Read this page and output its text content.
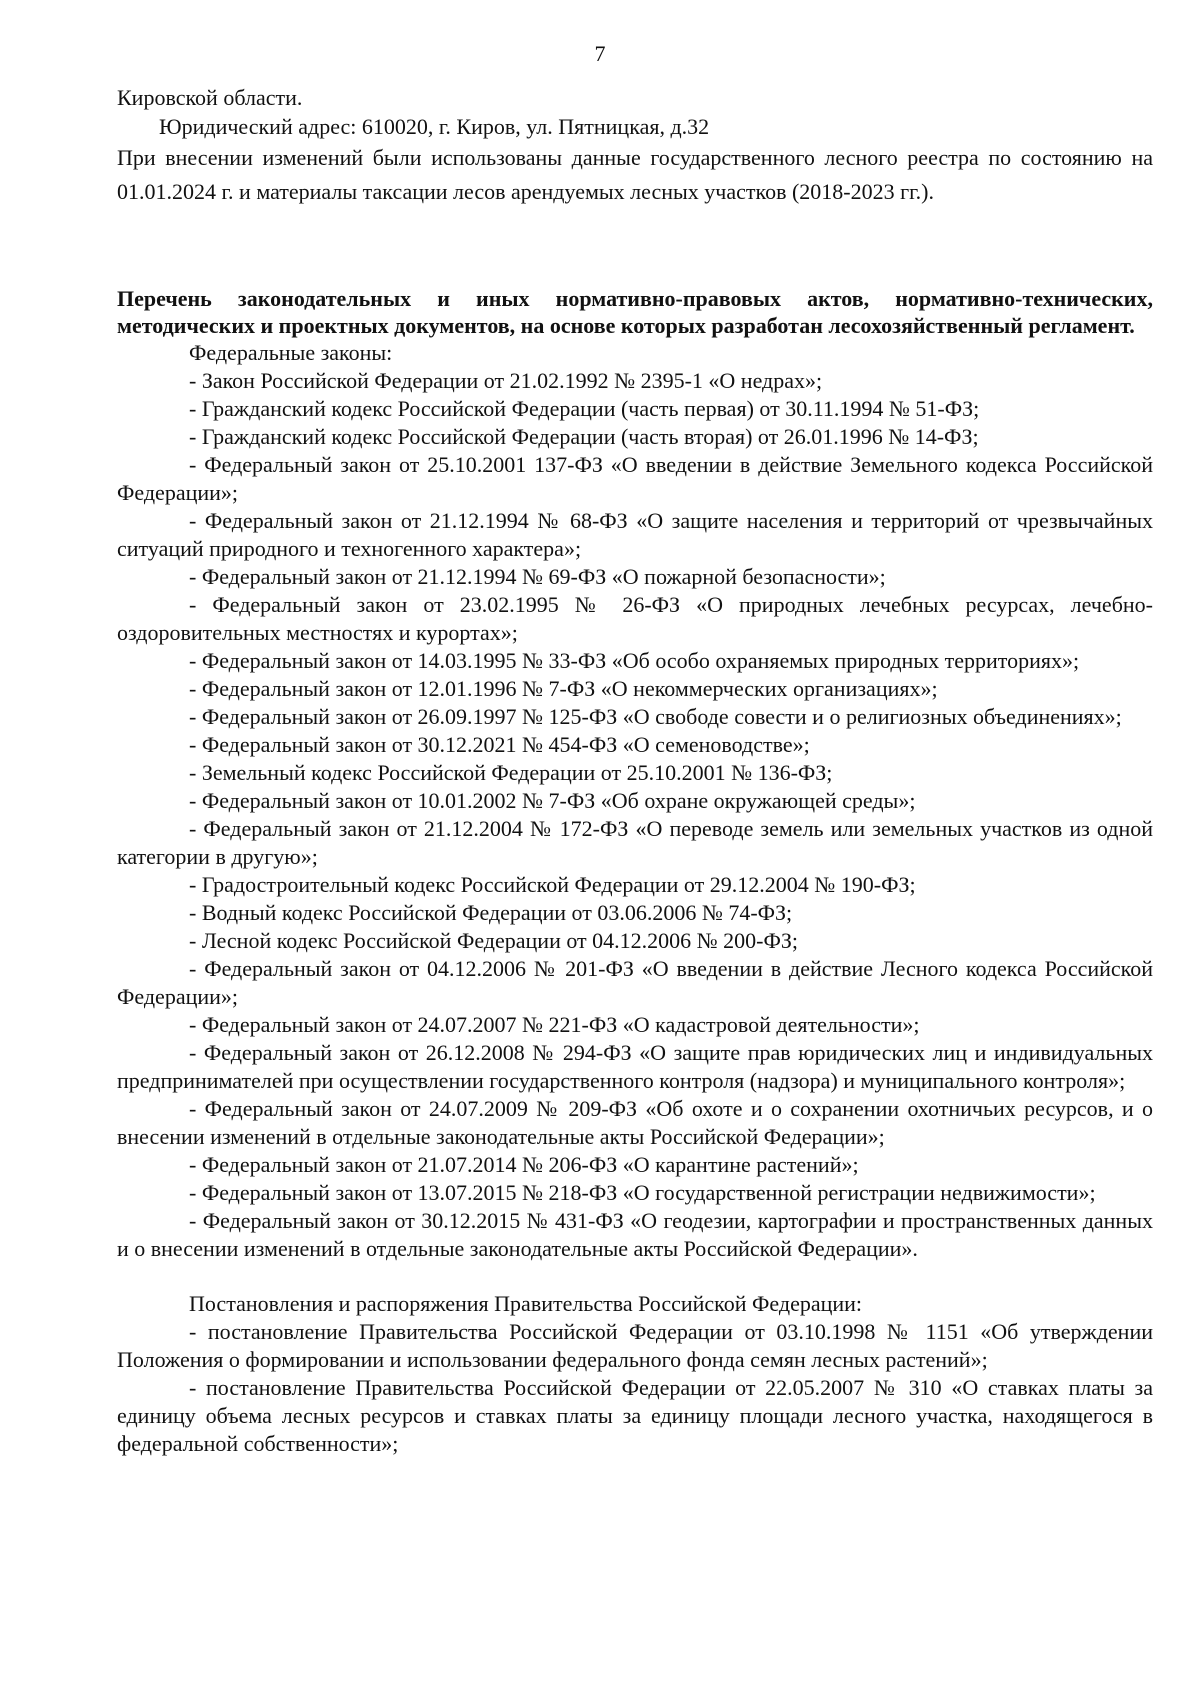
7

Кировской области.

Юридический адрес: 610020, г. Киров, ул. Пятницкая, д.32

При внесении изменений были использованы данные государственного лесного реестра по состоянию на 01.01.2024 г. и материалы таксации лесов арендуемых лесных участков (2018-2023 гг.).

Перечень законодательных и иных нормативно-правовых актов, нормативно-технических, методических и проектных документов, на основе которых разработан лесохозяйственный регламент.

Федеральные законы:

- Закон Российской Федерации от 21.02.1992 № 2395-1 «О недрах»;

- Гражданский кодекс Российской Федерации (часть первая) от 30.11.1994 № 51-ФЗ;

- Гражданский кодекс Российской Федерации (часть вторая) от 26.01.1996 № 14-ФЗ;

- Федеральный закон от 25.10.2001 137-ФЗ «О введении в действие Земельного кодекса Российской Федерации»;

- Федеральный закон от 21.12.1994 № 68-ФЗ «О защите населения и территорий от чрезвычайных ситуаций природного и техногенного характера»;

- Федеральный закон от 21.12.1994 № 69-ФЗ «О пожарной безопасности»;

- Федеральный закон от 23.02.1995 № 26-ФЗ «О природных лечебных ресурсах, лечебно-оздоровительных местностях и курортах»;

- Федеральный закон от 14.03.1995 № 33-ФЗ «Об особо охраняемых природных территориях»;

- Федеральный закон от 12.01.1996 № 7-ФЗ «О некоммерческих организациях»;

- Федеральный закон от 26.09.1997 № 125-ФЗ «О свободе совести и о религиозных объединениях»;

- Федеральный закон от 30.12.2021 № 454-ФЗ «О семеноводстве»;

- Земельный кодекс Российской Федерации от 25.10.2001 № 136-ФЗ;

- Федеральный закон от 10.01.2002 № 7-ФЗ «Об охране окружающей среды»;

- Федеральный закон от 21.12.2004 № 172-ФЗ «О переводе земель или земельных участков из одной категории в другую»;

- Градостроительный кодекс Российской Федерации от 29.12.2004 № 190-ФЗ;

- Водный кодекс Российской Федерации от 03.06.2006 № 74-ФЗ;

- Лесной кодекс Российской Федерации от 04.12.2006 № 200-ФЗ;

- Федеральный закон от 04.12.2006 № 201-ФЗ «О введении в действие Лесного кодекса Российской Федерации»;

- Федеральный закон от 24.07.2007 № 221-ФЗ «О кадастровой деятельности»;

- Федеральный закон от 26.12.2008 № 294-ФЗ «О защите прав юридических лиц и индивидуальных предпринимателей при осуществлении государственного контроля (надзора) и муниципального контроля»;

- Федеральный закон от 24.07.2009 № 209-ФЗ «Об охоте и о сохранении охотничьих ресурсов, и о внесении изменений в отдельные законодательные акты Российской Федерации»;

- Федеральный закон от 21.07.2014 № 206-ФЗ «О карантине растений»;

- Федеральный закон от 13.07.2015 № 218-ФЗ «О государственной регистрации недвижимости»;

- Федеральный закон от 30.12.2015 № 431-ФЗ «О геодезии, картографии и пространственных данных и о внесении изменений в отдельные законодательные акты Российской Федерации».

Постановления и распоряжения Правительства Российской Федерации:

- постановление Правительства Российской Федерации от 03.10.1998 № 1151 «Об утверждении Положения о формировании и использовании федерального фонда семян лесных растений»;

- постановление Правительства Российской Федерации от 22.05.2007 № 310 «О ставках платы за единицу объема лесных ресурсов и ставках платы за единицу площади лесного участка, находящегося в федеральной собственности»;
